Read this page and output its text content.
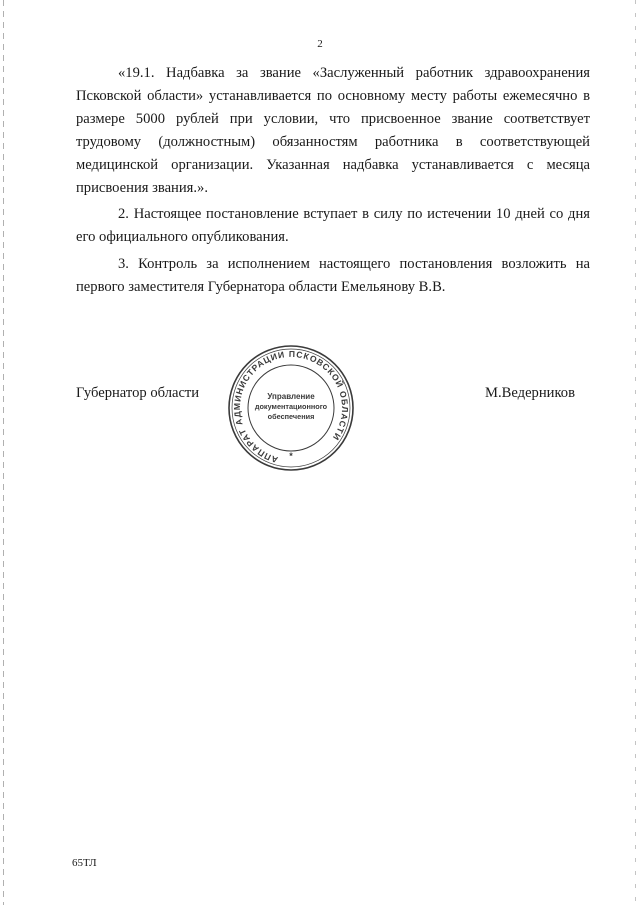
2

«19.1. Надбавка за звание «Заслуженный работник здравоохранения Псковской области» устанавливается по основному месту работы ежемесячно в размере 5000 рублей при условии, что присвоенное звание соответствует трудовому (должностным) обязанностям работника в соответствующей медицинской организации. Указанная надбавка устанавливается с месяца присвоения звания.».

2. Настоящее постановление вступает в силу по истечении 10 дней со дня его официального опубликования.

3. Контроль за исполнением настоящего постановления возложить на первого заместителя Губернатора области Емельянову В.В.

Губернатор области
АППАРАТ АДМИНИСТРАЦИИ ПСКОВСКОЙ ОБЛАСТИ
Управление
документационного
обеспечения
*
М.Ведерников
65ТЛ
